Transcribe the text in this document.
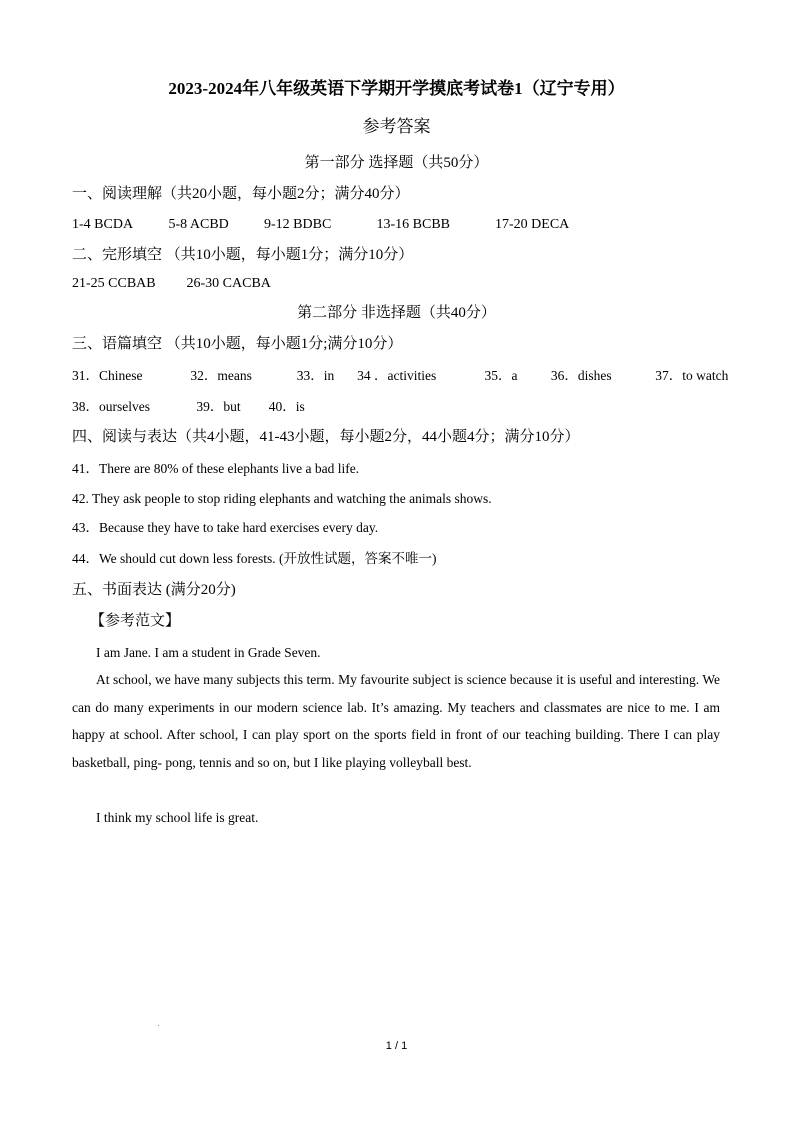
2023-2024年八年级英语下学期开学摸底考试卷1（辽宁专用）
参考答案
第一部分 选择题（共50分）
一、阅读理解（共20小题，每小题2分；满分40分）
1-4 BCDA	5-8 ACBD	9-12 BDBC	13-16 BCBB	17-20 DECA
二、完形填空 （共10小题，每小题1分；满分10分）
21-25 CCBAB 26-30 CACBA
第二部分 非选择题（共40分）
三、语篇填空 （共10小题，每小题1分;满分10分）
31．Chinese	32．means	33．in 34 ．activities	35．a 36．dishes	37．to watch
38．ourselves	39．but 40．is
四、阅读与表达（共4小题，41-43小题，每小题2分，44小题4分；满分10分）
41．There are 80% of these elephants live a bad life.
42. They ask people to stop riding elephants and watching the animals shows.
43．Because they have to take hard exercises every day.
44．We should cut down less forests. (开放性试题，答案不唯一)
五、书面表达 (满分20分)
【参考范文】
I am Jane. I am a student in Grade Seven.
At school, we have many subjects this term. My favourite subject is science because it is useful and interesting. We can do many experiments in our modern science lab. It’s amazing. My teachers and classmates are nice to me. I am happy at school. After school, I can play sport on the sports field in front of our teaching building. There I can play basketball, ping- pong, tennis and so on, but I like playing volleyball best.
I think my school life is great.
1 / 1
